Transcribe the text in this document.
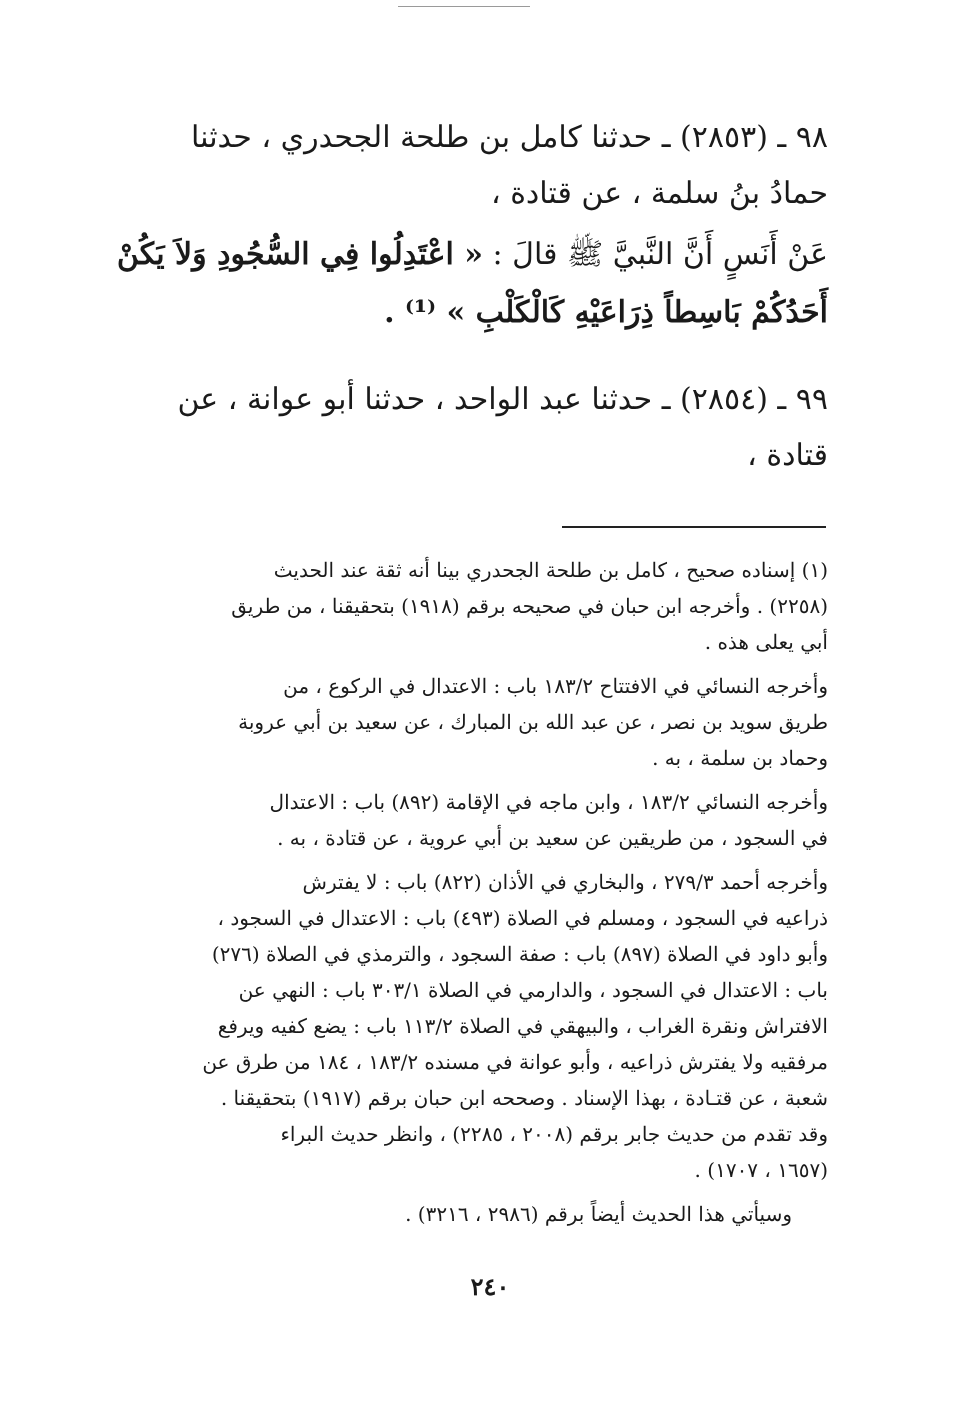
٩٨ ـ (٢٨٥٣) ـ حدثنا كامل بن طلحة الجحدري ، حدثنا
حمادُ بنُ سلمة ، عن قتادة ،
عَنْ أَنَسٍ أَنَّ النَّبيَّ ﷺ قالَ : « اعْتَدِلُوا فِي السُّجُودِ وَلاَ يَكُنْ
أَحَدُكُمْ بَاسِطاً ذِرَاعَيْهِ كَالْكَلْبِ » ⁽¹⁾ .
٩٩ ـ (٢٨٥٤) ـ حدثنا عبد الواحد ، حدثنا أبو عوانة ، عن
قتادة ،
(١) إسناده صحيح ، كامل بن طلحة الجحدري بينا أنه ثقة عند الحديث
(٢٢٥٨) . وأخرجه ابن حبان في صحيحه برقم (١٩١٨) بتحقيقنا ، من طريق
أبي يعلى هذه .
وأخرجه النسائي في الافتتاح ١٨٣/٢ باب : الاعتدال في الركوع ، من
طريق سويد بن نصر ، عن عبد الله بن المبارك ، عن سعيد بن أبي عروبة
وحماد بن سلمة ، به .
وأخرجه النسائي ١٨٣/٢ ، وابن ماجه في الإقامة (٨٩٢) باب : الاعتدال
في السجود ، من طريقين عن سعيد بن أبي عروية ، عن قتادة ، به .
وأخرجه أحمد ٢٧٩/٣ ، والبخاري في الأذان (٨٢٢) باب : لا يفترش
ذراعيه في السجود ، ومسلم في الصلاة (٤٩٣) باب : الاعتدال في السجود ،
وأبو داود في الصلاة (٨٩٧) باب : صفة السجود ، والترمذي في الصلاة (٢٧٦)
باب : الاعتدال في السجود ، والدارمي في الصلاة ٣٠٣/١ باب : النهي عن
الافتراش ونقرة الغراب ، والبيهقي في الصلاة ١١٣/٢ باب : يضع كفيه ويرفع
مرفقيه ولا يفترش ذراعيه ، وأبو عوانة في مسنده ١٨٣/٢ ، ١٨٤ من طرق عن
شعبة ، عن قتـادة ، بهذا الإسناد . وصححه ابن حبان برقم (١٩١٧) بتحقيقنا .
وقد تقدم من حديث جابر برقم (٢٠٠٨ ، ٢٢٨٥) ، وانظر حديث البراء
(١٦٥٧ ، ١٧٠٧) .
وسيأتي هذا الحديث أيضاً برقم (٢٩٨٦ ، ٣٢١٦) .
٢٤٠
